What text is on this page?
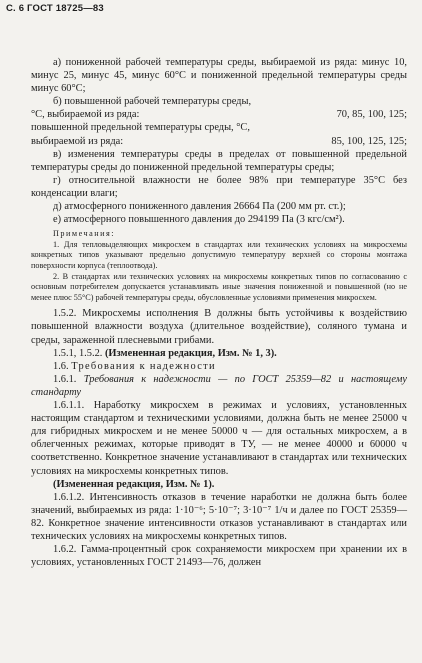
С. 6 ГОСТ 18725—83

а) пониженной рабочей температуры среды, выбираемой из ряда: минус 10, минус 25, минус 45, минус 60°С и пониженной предельной температуры среды минус 60°С;

б) повышенной рабочей температуры среды,

°С, выбираемой из ряда:	70, 85, 100, 125;

повышенной предельной температуры среды, °С,

выбираемой из ряда:	85, 100, 125, 125;

в) изменения температуры среды в пределах от повышенной предельной температуры среды до пониженной предельной температуры среды;

г) относительной влажности не более 98% при температуре 35°С без конденсации влаги;

д) атмосферного пониженного давления 26664 Па (200 мм рт. ст.);

е) атмосферного повышенного давления до 294199 Па (3 кгс/см²).

Примечания:

1. Для тепловыделяющих микросхем в стандартах или технических условиях на микросхемы конкретных типов указывают предельно допустимую температуру верхней со стороны монтажа поверхности корпуса (теплоотвода).

2. В стандартах или технических условиях на микросхемы конкретных типов по согласованию с основным потребителем допускается устанавливать иные значения пониженной и повышенной (но не менее плюс 55°С) рабочей температуры среды, обусловленные условиями применения микросхем.

1.5.2. Микросхемы исполнения В должны быть устойчивы к воздействию повышенной влажности воздуха (длительное воздействие), соляного тумана и среды, зараженной плесневыми грибами.

1.5.1, 1.5.2. (Измененная редакция, Изм. № 1, 3).

1.6. Требования к надежности

1.6.1. Требования к надежности — по ГОСТ 25359—82 и настоящему стандарту

1.6.1.1. Наработку микросхем в режимах и условиях, установленных настоящим стандартом и техническими условиями, должна быть не менее 25000 ч для гибридных микросхем и не менее 50000 ч — для остальных микросхем, а в облегченных режимах, которые приводят в ТУ, — не менее 40000 и 60000 ч соответственно. Конкретное значение устанавливают в стандартах или технических условиях на микросхемы конкретных типов.

(Измененная редакция, Изм. № 1).

1.6.1.2. Интенсивность отказов в течение наработки не должна быть более значений, выбираемых из ряда: 1·10⁻⁶; 5·10⁻⁷; 3·10⁻⁷ 1/ч и далее по ГОСТ 25359—82. Конкретное значение интенсивности отказов устанавливают в стандартах или технических условиях на микросхемы конкретных типов.

1.6.2. Гамма-процентный срок сохраняемости микросхем при хранении их в условиях, установленных ГОСТ 21493—76, должен
